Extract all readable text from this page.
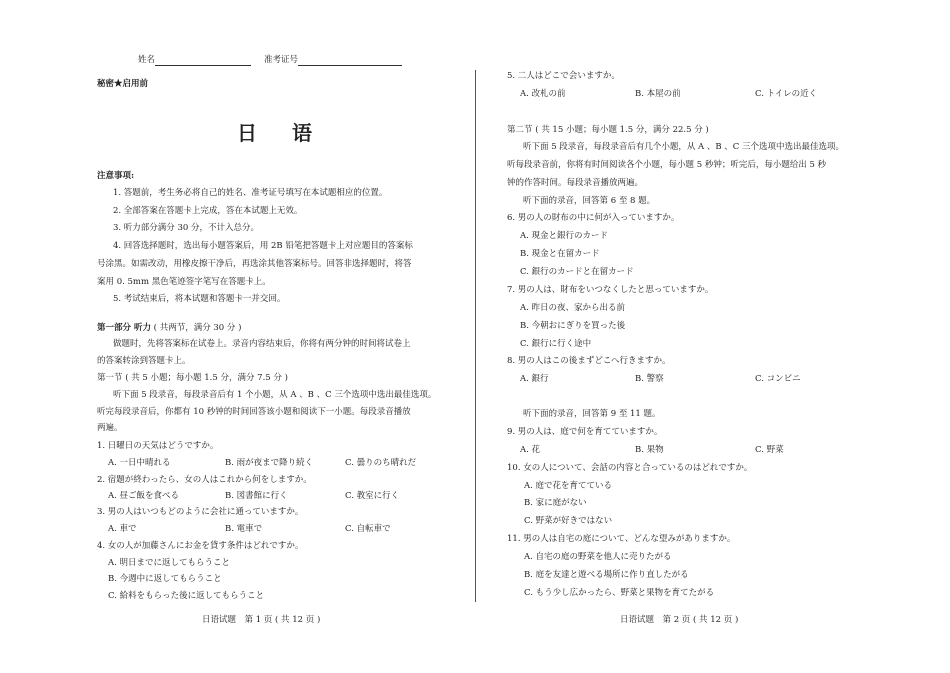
姓名	准考证号
秘密★启用前
日 语
注意事项:
1. 答题前，考生务必将自己的姓名、准考证号填写在本试题相应的位置。
2. 全部答案在答题卡上完成，答在本试题上无效。
3. 听力部分满分 30 分，不计入总分。
4. 回答选择题时，选出每小题答案后，用 2B 铅笔把答题卡上对应题目的答案标
号涂黑。如需改动，用橡皮擦干净后，再选涂其他答案标号。回答非选择题时，将答
案用 0. 5mm 黑色笔迹签字笔写在答题卡上。
5. 考试结束后，将本试题和答题卡一并交回。
第一部分 听力 ( 共两节，满分 30 分 )
做题时，先将答案标在试卷上。录音内容结束后，你将有两分钟的时间将试卷上
的答案转涂到答题卡上。
第一节 ( 共 5 小题；每小题 1.5 分，满分 7.5 分 )
听下面 5 段录音，每段录音后有 1 个小题，从 A 、B 、C 三个选项中选出最佳选项。
听完每段录音后，你都有 10 秒钟的时间回答该小题和阅读下一小题。每段录音播放
两遍。
1. 日曜日の天気はどうですか。
A. 一日中晴れる	B. 雨が夜まで降り続く	C. 曇りのち晴れだ
2. 宿題が終わったら、女の人はこれから何をしますか。
A. 昼ご飯を食べる	B. 図書館に行く	C. 教室に行く
3. 男の人はいつもどのように会社に通っていますか。
A. 車で	B. 電車で	C. 自転車で
4. 女の人が加藤さんにお金を貸す条件はどれですか。
A. 明日までに返してもらうこと
B. 今週中に返してもらうこと
C. 給料をもらった後に返してもらうこと
日语试题　第 1 页 ( 共 12 页 )
5. 二人はどこで会いますか。
A. 改札の前	B. 本屋の前	C. トイレの近く
第二节 ( 共 15 小题；每小题 1.5 分，满分 22.5 分 )
听下面 5 段录音，每段录音后有几个小题，从 A 、B 、C 三个选项中选出最佳选项。
听每段录音前，你将有时间阅读各个小题，每小题 5 秒钟；听完后，每小题给出 5 秒
钟的作答时间。每段录音播放两遍。
听下面的录音，回答第 6 至 8 题。
6. 男の人の財布の中に何が入っていますか。
A. 現金と銀行のカード
B. 現金と在留カード
C. 銀行のカードと在留カード
7. 男の人は、財布をいつなくしたと思っていますか。
A. 昨日の夜、家から出る前
B. 今朝おにぎりを買った後
C. 銀行に行く途中
8. 男の人はこの後まずどこへ行きますか。
A. 銀行	B. 警察	C. コンビニ
听下面的录音，回答第 9 至 11 题。
9. 男の人は、庭で何を育てていますか。
A. 花	B. 果物	C. 野菜
10. 女の人について、会話の内容と合っているのはどれですか。
A. 庭で花を育てている
B. 家に庭がない
C. 野菜が好きではない
11. 男の人は自宅の庭について、どんな望みがありますか。
A. 自宅の庭の野菜を他人に売りたがる
B. 庭を友達と遊べる場所に作り直したがる
C. もう少し広かったら、野菜と果物を育てたがる
日语试题　第 2 页 ( 共 12 页 )
